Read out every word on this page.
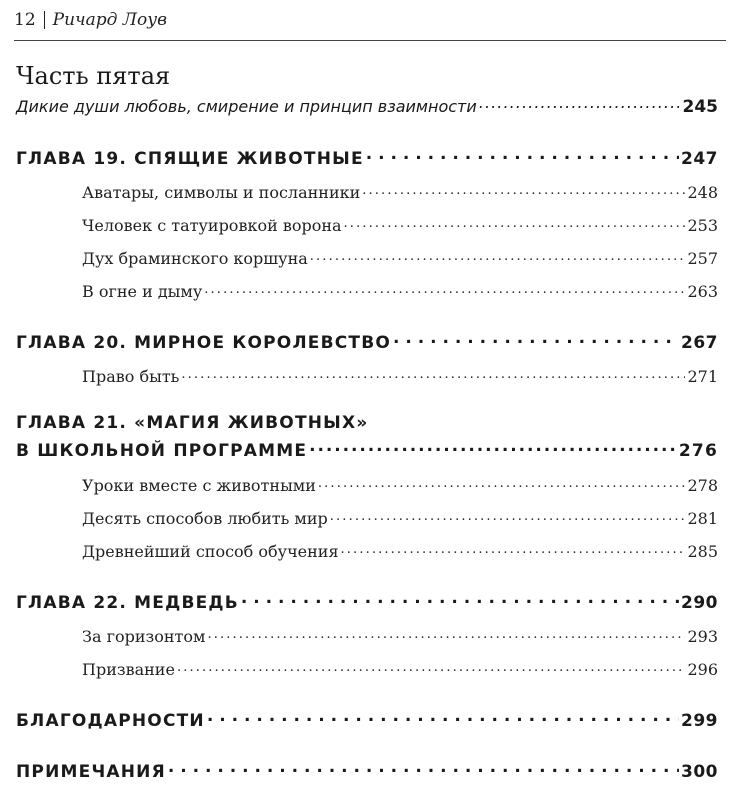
12 Ричард Лоув
Часть пятая
Дикие души любовь, смирение и принцип взаимности . . .	245
ГЛАВА 19. СПЯЩИЕ ЖИВОТНЫЕ . . .	247
Аватары, символы и посланники . . .	248
Человек с татуировкой ворона . . .	253
Дух браминского коршуна . . .	257
В огне и дыму . . .	263
ГЛАВА 20. МИРНОЕ КОРОЛЕВСТВО . . .	267
Право быть . . .	271
ГЛАВА 21. «МАГИЯ ЖИВОТНЫХ»
В ШКОЛЬНОЙ ПРОГРАММЕ . . .	276
Уроки вместе с животными . . .	278
Десять способов любить мир . . .	281
Древнейший способ обучения . . .	285
ГЛАВА 22. МЕДВЕДЬ . . .	290
За горизонтом . . .	293
Призвание . . .	296
БЛАГОДАРНОСТИ . . .	299
ПРИМЕЧАНИЯ . . .	300
